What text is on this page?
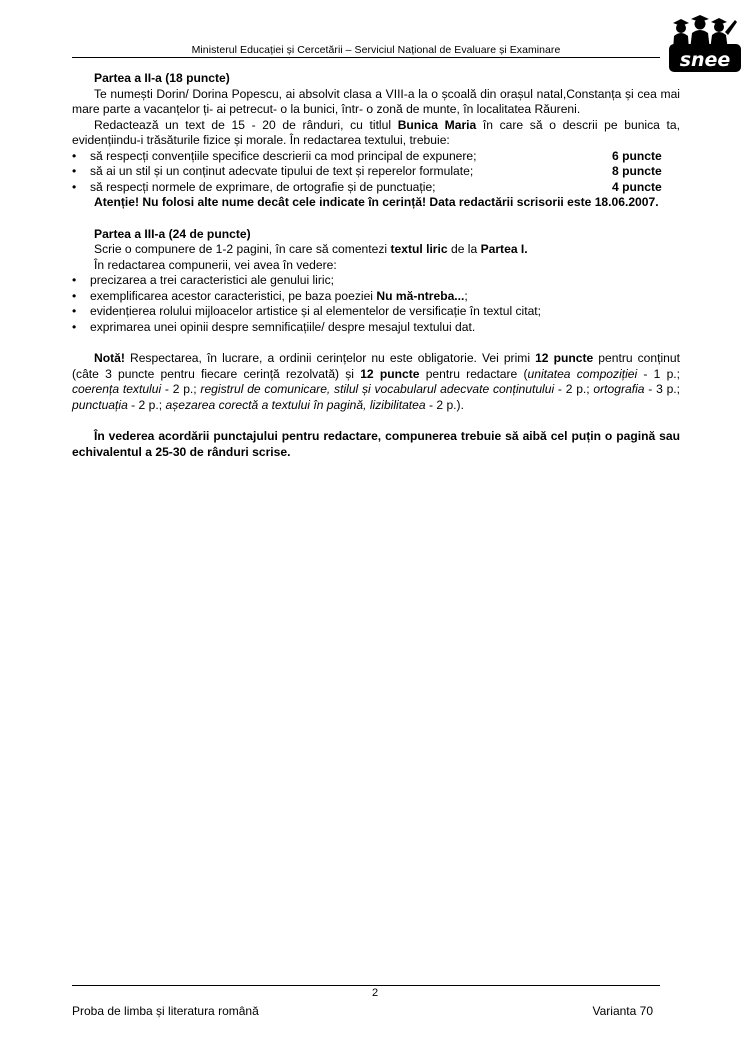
Ministerul Educației și Cercetării – Serviciul Național de Evaluare și Examinare	snee

Partea a II-a (18 puncte)

Te numești Dorin/ Dorina Popescu, ai absolvit clasa a VIII-a la o școală din orașul natal,Constanța și cea mai mare parte a vacanțelor ți- ai petrecut- o la bunici, într- o zonă de munte, în localitatea Răureni.

Redactează un text de 15 - 20 de rânduri, cu titlul Bunica Maria în care să o descrii pe bunica ta, evidențiindu-i trăsăturile fizice și morale. În redactarea textului, trebuie:

•	să respecți convențiile specifice descrierii ca mod principal de expunere;	6 puncte
•	să ai un stil și un conținut adecvate tipului de text și reperelor formulate;	8 puncte
•	să respecți normele de exprimare, de ortografie și de punctuație;	4 puncte

Atenție! Nu folosi alte nume decât cele indicate în cerință! Data redactării scrisorii este 18.06.2007.

Partea a III-a (24 de puncte)

Scrie o compunere de 1-2 pagini, în care să comentezi textul liric de la Partea I.

În redactarea compunerii, vei avea în vedere:

•	precizarea a trei caracteristici ale genului liric;
•	exemplificarea acestor caracteristici, pe baza poeziei Nu mă-ntreba...;
•	evidențierea rolului mijloacelor artistice și al elementelor de versificație în textul citat;
•	exprimarea unei opinii despre semnificațiile/ despre mesajul textului dat.

Notă! Respectarea, în lucrare, a ordinii cerințelor nu este obligatorie. Vei primi 12 puncte pentru conținut (câte 3 puncte pentru fiecare cerință rezolvată) și 12 puncte pentru redactare (unitatea compoziției - 1 p.; coerența textului - 2 p.; registrul de comunicare, stilul și vocabularul adecvate conținutului - 2 p.; ortografia - 3 p.; punctuația - 2 p.; așezarea corectă a textului în pagină, lizibilitatea - 2 p.).

În vederea acordării punctajului pentru redactare, compunerea trebuie să aibă cel puțin o pagină sau echivalentul a 25-30 de rânduri scrise.

2
Proba de limba și literatura română	Varianta 70
